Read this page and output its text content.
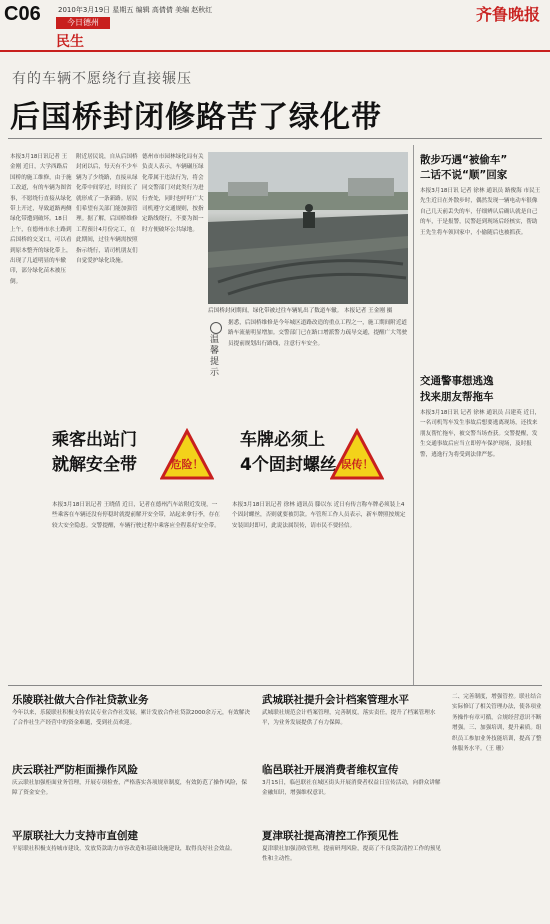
C06 2010年3月19日 星期五 编辑 高倩倩 美编 赵秋红	齐鲁晚报
今日德州
民生
有的车辆不愿绕行直接辗压
后国桥封闭修路苦了绿化带
本报3月18日讯记者 王金刚 近日，大学西路后国桥的施工维修，由于施工改道，有的车辆为图省事，不愿绕行直接从绿化带上开过，导致道路两侧绿化带遭到破坏。18日上午，在德州市水土路到后国桥的交叉口，可以看到原本整齐的绿化带上，出现了几道明显的车辙印，部分绿化苗木被压倒。
附近居民说，自从后国桥封闭以后，每天有不少车辆为了少绕路，直接从绿化带中间穿过，时间长了就形成了一条新路。居民们希望有关部门能加强管理。据了解，后国桥维修工程预计4月份完工，在此期间，过往车辆需按照指示绕行，请司机朋友们自觉爱护绿化设施。
德州市市园林绿化局有关负责人表示，车辆碾压绿化带属于违法行为，将会同交警部门对此类行为进行查处，同时也呼吁广大司机遵守交通规则，按指定路线绕行，不要为图一时方便破坏公共绿地。
据悉，后国桥维修是今年城区道路改造的重点工程之一，施工期间附近道路车流量明显增加。交警部门已在路口增派警力疏导交通，提醒广大驾驶员提前规划出行路线，注意行车安全。
后国桥封闭期间，绿化带被过往车辆轧出了数道车辙。 本报记者 王金刚 摄
温馨提示
散步巧遇“被偷车”
二话不说“顺”回家
本报3月18日讯 记者 徐林 通讯员 路俊海 市民王先生近日在外散步时，偶然发现一辆电动车很像自己几天前丢失的车，仔细辨认后确认就是自己的车，于是报警，民警赶到现场后经核实，帮助王先生将车领回家中，小偷随后也被抓获。
交通警事想逃逸
找来朋友帮拖车
本报3月18日讯 记者 徐林 通讯员 吕建英 近日，一名司机驾车发生事故后想要逃离现场，还找来朋友帮忙拖车，被交警当场查获。交警提醒，发生交通事故后应当立即停车保护现场，及时报警，逃逸行为将受到法律严惩。
乘客出站门
就解安全带	危险！
车牌必须上
4个固封螺丝 误传！
本报3月18日讯记者 王晓倩 近日，记者在德州汽车站附近发现，一些乘客在车辆还没有停稳时就提前解开安全带，站起来拿行李，存在较大安全隐患。交警提醒，车辆行驶过程中乘客应全程系好安全带。
本报3月18日讯记者 徐林 通讯员 滕以东 近日有传言称车牌必须装上4个固封螺丝，否则就要被罚款。车管所工作人员表示，新车牌照按规定安装固封即可，此说法属误传，请市民不要轻信。
乐陵联社做大合作社贷款业务
今年以来，乐陵联社积极支持农民专业合作社发展，累计发放合作社贷款2000余万元，有效解决了合作社生产经营中的资金难题，受到社员欢迎。
庆云联社严防柜面操作风险
庆云联社加强柜面业务管理，开展专项检查，严格落实各项规章制度，有效防范了操作风险，保障了资金安全。
平原联社大力支持市直创建
平原联社积极支持城市建设，发放贷款助力市容改造和基础设施建设，取得良好社会效益。
武城联社提升会计档案管理水平
武城联社规范会计档案管理，完善制度，落实责任，提升了档案管理水平，为业务发展提供了有力保障。
临邑联社开展消费者维权宣传
3月15日，临邑联社在城区街头开展消费者权益日宣传活动，向群众讲解金融知识，增强维权意识。
夏津联社提高清控工作预见性
夏津联社加强清收管理，提前研判风险，提高了不良贷款清控工作的预见性和主动性。
二、完善制度，增强管控。联社结合实际修订了相关管理办法，使各项业务操作有章可循，合规经营意识不断增强。三、加强培训，提升素质。组织员工参加业务技能培训，提高了整体服务水平。（王 珊）
